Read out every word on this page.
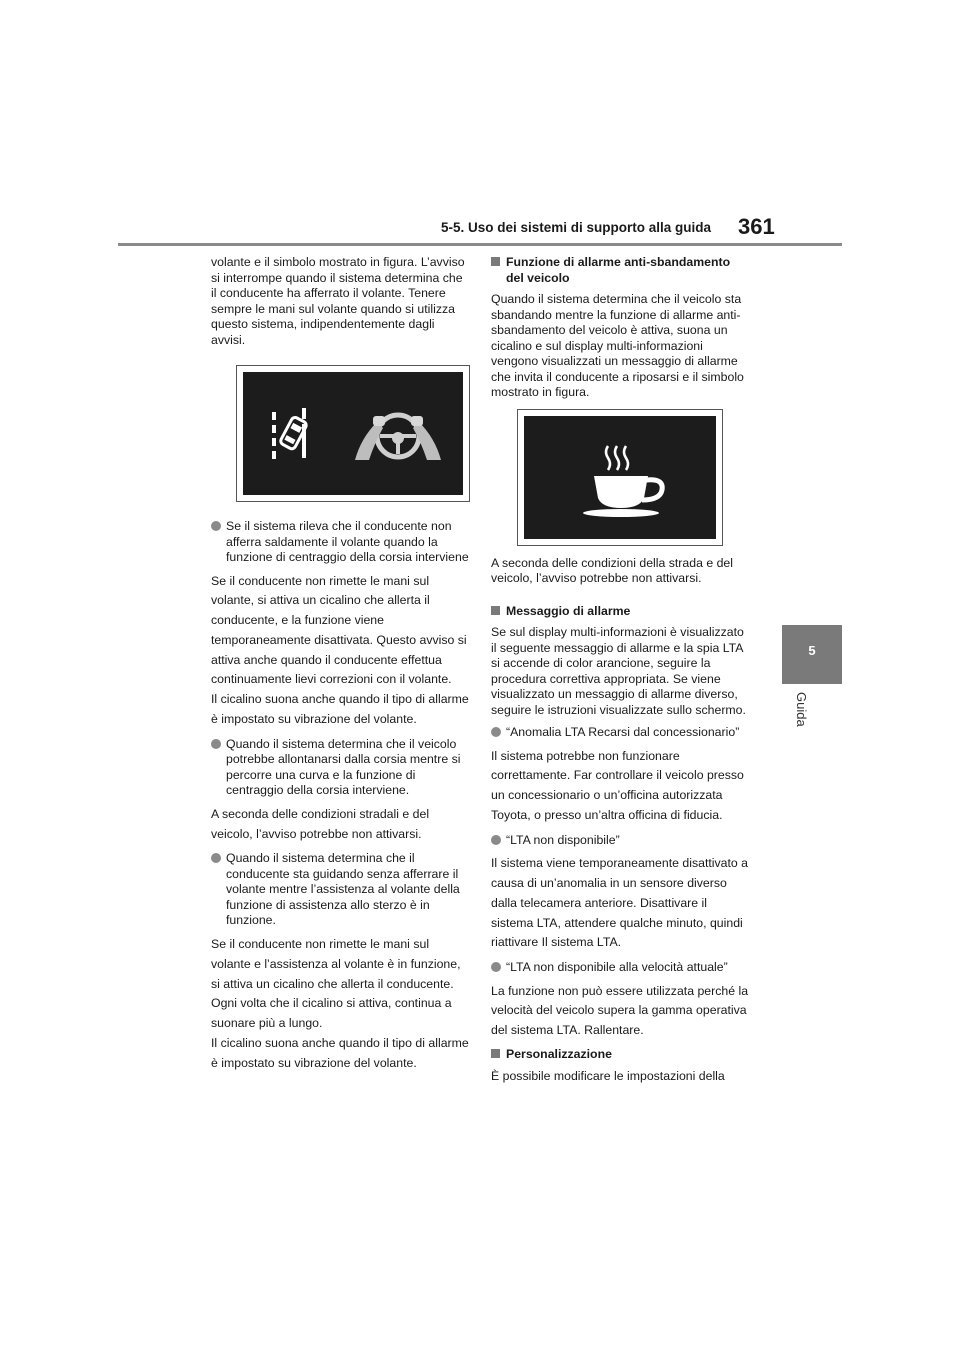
5-5. Uso dei sistemi di supporto alla guida 361
5
Guida

volante e il simbolo mostrato in figura. L’avviso si interrompe quando il sistema determina che il conducente ha afferrato il volante. Tenere sempre le mani sul volante quando si utilizza questo sistema, indipendentemente dagli avvisi.

Se il sistema rileva che il conducente non afferra saldamente il volante quando la funzione di centraggio della corsia interviene

Se il conducente non rimette le mani sul volante, si attiva un cicalino che allerta il conducente, e la funzione viene temporaneamente disattivata. Questo avviso si attiva anche quando il conducente effettua continuamente lievi correzioni con il volante.

Il cicalino suona anche quando il tipo di allarme è impostato su vibrazione del volante.

Quando il sistema determina che il veicolo potrebbe allontanarsi dalla corsia mentre si percorre una curva e la funzione di centraggio della corsia interviene.

A seconda delle condizioni stradali e del veicolo, l’avviso potrebbe non attivarsi.

Quando il sistema determina che il conducente sta guidando senza afferrare il volante mentre l’assistenza al volante della funzione di assistenza allo sterzo è in funzione.

Se il conducente non rimette le mani sul volante e l’assistenza al volante è in funzione, si attiva un cicalino che allerta il conducente. Ogni volta che il cicalino si attiva, continua a suonare più a lungo.

Il cicalino suona anche quando il tipo di allarme è impostato su vibrazione del volante.

Funzione di allarme anti-sbandamento del veicolo

Quando il sistema determina che il veicolo sta sbandando mentre la funzione di allarme anti-sbandamento del veicolo è attiva, suona un cicalino e sul display multi-informazioni vengono visualizzati un messaggio di allarme che invita il conducente a riposarsi e il simbolo mostrato in figura.

A seconda delle condizioni della strada e del veicolo, l’avviso potrebbe non attivarsi.

Messaggio di allarme

Se sul display multi-informazioni è visualizzato il seguente messaggio di allarme e la spia LTA si accende di color arancione, seguire la procedura correttiva appropriata. Se viene visualizzato un messaggio di allarme diverso, seguire le istruzioni visualizzate sullo schermo.

“Anomalia LTA Recarsi dal concessionario”

Il sistema potrebbe non funzionare correttamente. Far controllare il veicolo presso un concessionario o un’officina autorizzata Toyota, o presso un’altra officina di fiducia.

“LTA non disponibile”

Il sistema viene temporaneamente disattivato a causa di un’anomalia in un sensore diverso dalla telecamera anteriore. Disattivare il sistema LTA, attendere qualche minuto, quindi riattivare Il sistema LTA.

“LTA non disponibile alla velocità attuale”

La funzione non può essere utilizzata perché la velocità del veicolo supera la gamma operativa del sistema LTA. Rallentare.

Personalizzazione

È possibile modificare le impostazioni della
